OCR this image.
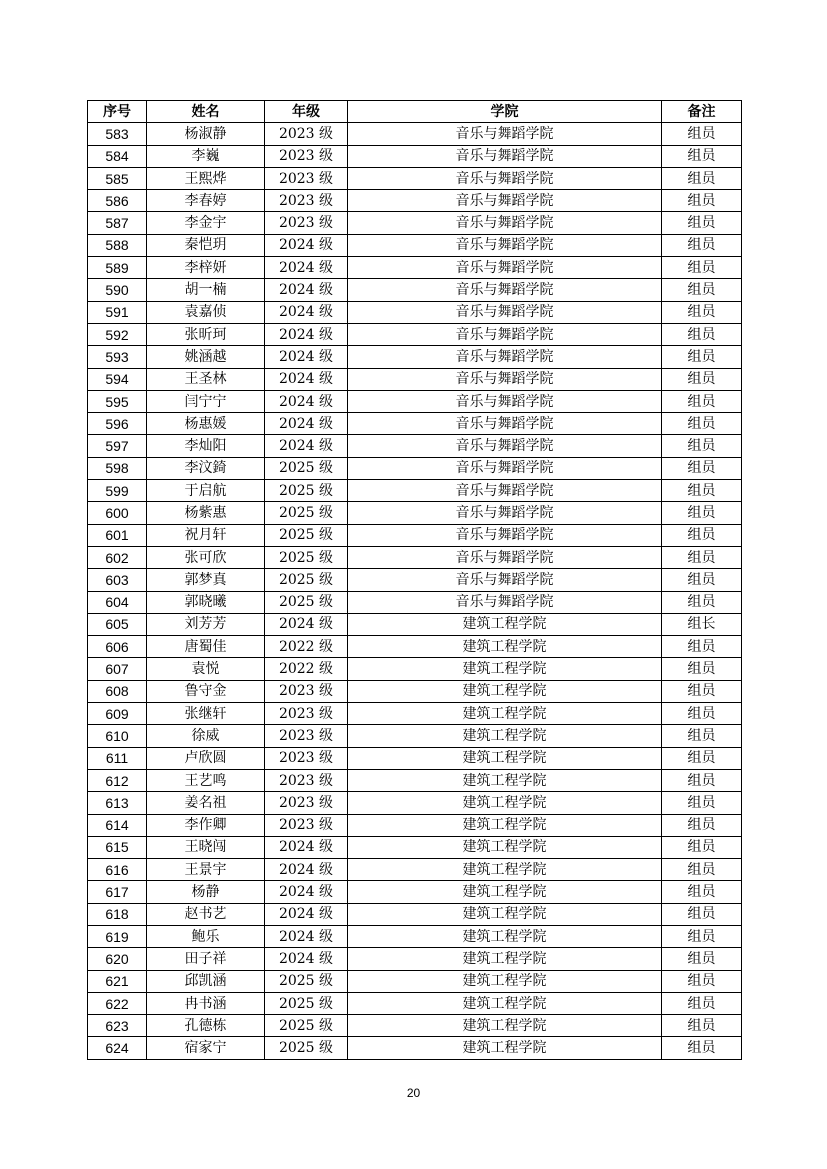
序号	姓名	年级	学院	备注
583	杨淑静	2023 级	音乐与舞蹈学院	组员
584	李巍	2023 级	音乐与舞蹈学院	组员
585	王熙烨	2023 级	音乐与舞蹈学院	组员
586	李春婷	2023 级	音乐与舞蹈学院	组员
587	李金宇	2023 级	音乐与舞蹈学院	组员
588	秦恺玥	2024 级	音乐与舞蹈学院	组员
589	李梓妍	2024 级	音乐与舞蹈学院	组员
590	胡一楠	2024 级	音乐与舞蹈学院	组员
591	袁嘉侦	2024 级	音乐与舞蹈学院	组员
592	张昕珂	2024 级	音乐与舞蹈学院	组员
593	姚涵越	2024 级	音乐与舞蹈学院	组员
594	王圣林	2024 级	音乐与舞蹈学院	组员
595	闫宁宁	2024 级	音乐与舞蹈学院	组员
596	杨惠媛	2024 级	音乐与舞蹈学院	组员
597	李灿阳	2024 级	音乐与舞蹈学院	组员
598	李汶錡	2025 级	音乐与舞蹈学院	组员
599	于启航	2025 级	音乐与舞蹈学院	组员
600	杨紫惠	2025 级	音乐与舞蹈学院	组员
601	祝月轩	2025 级	音乐与舞蹈学院	组员
602	张可欣	2025 级	音乐与舞蹈学院	组员
603	郭梦真	2025 级	音乐与舞蹈学院	组员
604	郭晓曦	2025 级	音乐与舞蹈学院	组员
605	刘芳芳	2024 级	建筑工程学院	组长
606	唐蜀佳	2022 级	建筑工程学院	组员
607	袁悦	2022 级	建筑工程学院	组员
608	鲁守金	2023 级	建筑工程学院	组员
609	张继轩	2023 级	建筑工程学院	组员
610	徐威	2023 级	建筑工程学院	组员
611	卢欣圆	2023 级	建筑工程学院	组员
612	王艺鸣	2023 级	建筑工程学院	组员
613	姜名祖	2023 级	建筑工程学院	组员
614	李作卿	2023 级	建筑工程学院	组员
615	王晓闯	2024 级	建筑工程学院	组员
616	王景宇	2024 级	建筑工程学院	组员
617	杨静	2024 级	建筑工程学院	组员
618	赵书艺	2024 级	建筑工程学院	组员
619	鲍乐	2024 级	建筑工程学院	组员
620	田子祥	2024 级	建筑工程学院	组员
621	邱凯涵	2025 级	建筑工程学院	组员
622	冉书涵	2025 级	建筑工程学院	组员
623	孔德栋	2025 级	建筑工程学院	组员
624	宿家宁	2025 级	建筑工程学院	组员
20
